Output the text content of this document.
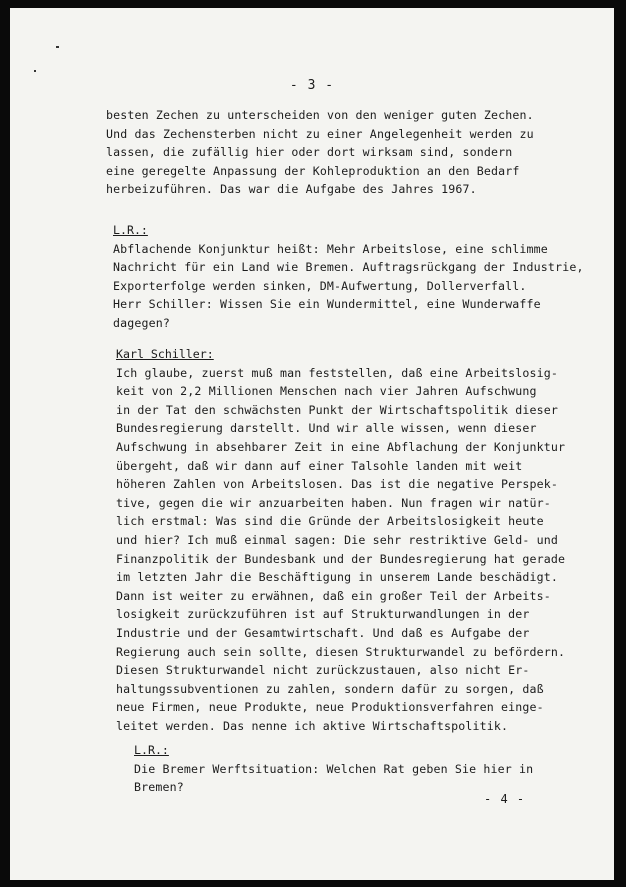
- 3 -
besten Zechen zu unterscheiden von den weniger guten Zechen.
Und das Zechensterben nicht zu einer Angelegenheit werden zu
lassen, die zufällig hier oder dort wirksam sind, sondern
eine geregelte Anpassung der Kohleproduktion an den Bedarf
herbeizuführen. Das war die Aufgabe des Jahres 1967.
L.R.:
Abflachende Konjunktur heißt: Mehr Arbeitslose, eine schlimme
Nachricht für ein Land wie Bremen. Auftragsrückgang der Industrie,
Exporterfolge werden sinken, DM-Aufwertung, Dollerverfall.
Herr Schiller: Wissen Sie ein Wundermittel, eine Wunderwaffe
dagegen?
Karl Schiller:
Ich glaube, zuerst muß man feststellen, daß eine Arbeitslosig-
keit von 2,2 Millionen Menschen nach vier Jahren Aufschwung
in der Tat den schwächsten Punkt der Wirtschaftspolitik dieser
Bundesregierung darstellt. Und wir alle wissen, wenn dieser
Aufschwung in absehbarer Zeit in eine Abflachung der Konjunktur
übergeht, daß wir dann auf einer Talsohle landen mit weit
höheren Zahlen von Arbeitslosen. Das ist die negative Perspek-
tive, gegen die wir anzuarbeiten haben. Nun fragen wir natür-
lich erstmal: Was sind die Gründe der Arbeitslosigkeit heute
und hier? Ich muß einmal sagen: Die sehr restriktive Geld- und
Finanzpolitik der Bundesbank und der Bundesregierung hat gerade
im letzten Jahr die Beschäftigung in unserem Lande beschädigt.
Dann ist weiter zu erwähnen, daß ein großer Teil der Arbeits-
losigkeit zurückzuführen ist auf Strukturwandlungen in der
Industrie und der Gesamtwirtschaft. Und daß es Aufgabe der
Regierung auch sein sollte, diesen Strukturwandel zu befördern.
Diesen Strukturwandel nicht zurückzustauen, also nicht Er-
haltungssubventionen zu zahlen, sondern dafür zu sorgen, daß
neue Firmen, neue Produkte, neue Produktionsverfahren einge-
leitet werden. Das nenne ich aktive Wirtschaftspolitik.
L.R.:
Die Bremer Werftsituation: Welchen Rat geben Sie hier in
Bremen?
- 4 -
